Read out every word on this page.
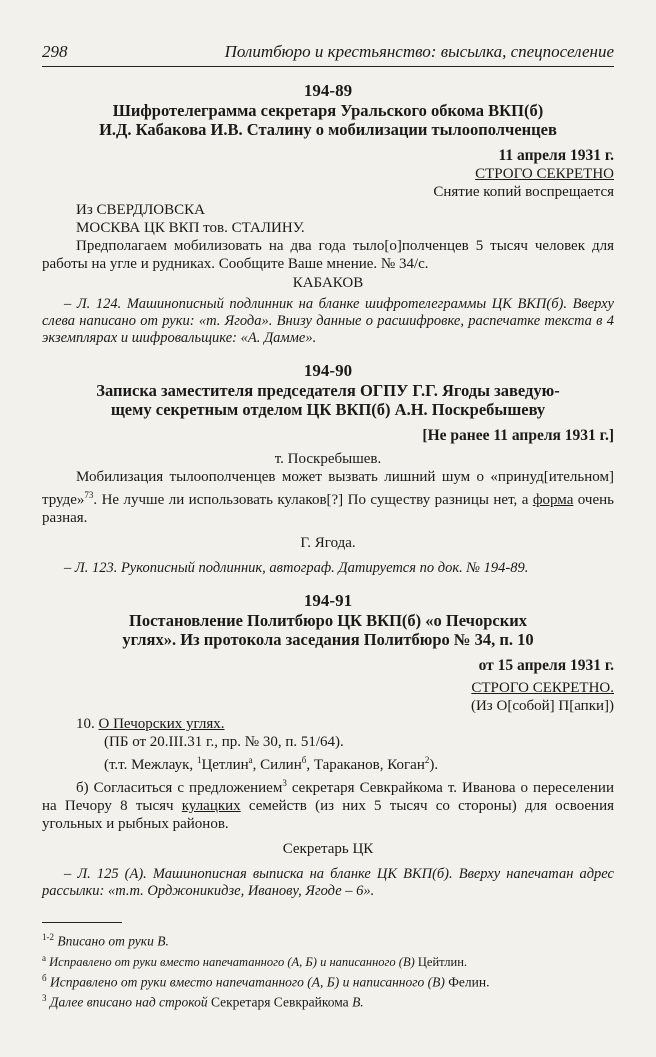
298	Политбюро и крестьянство: высылка, спецпоселение
194-89
Шифротелеграмма секретаря Уральского обкома ВКП(б)
И.Д. Кабакова И.В. Сталину о мобилизации тылоополченцев
11 апреля 1931 г.
СТРОГО СЕКРЕТНО
Снятие копий воспрещается
Из СВЕРДЛОВСКА
МОСКВА ЦК ВКП тов. СТАЛИНУ.
Предполагаем мобилизовать на два года тыло[о]полченцев 5 тысяч человек для работы на угле и рудниках. Сообщите Ваше мнение. № 34/с.
КАБАКОВ
– Л. 124. Машинописный подлинник на бланке шифротелеграммы ЦК ВКП(б). Вверху слева написано от руки: «т. Ягода». Внизу данные о расшифровке, распечатке текста в 4 экземплярах и шифровальщике: «А. Дамме».
194-90
Записка заместителя председателя ОГПУ Г.Г. Ягоды заведую-
щему секретным отделом ЦК ВКП(б) А.Н. Поскребышеву
[Не ранее 11 апреля 1931 г.]
т. Поскребышев.
Мобилизация тылоополченцев может вызвать лишний шум о «принуд[ительном] труде»$^{73}$. Не лучше ли использовать кулаков[?] По существу разницы нет, а форма очень разная.
Г. Ягода.
– Л. 123. Рукописный подлинник, автограф. Датируется по док. № 194-89.
194-91
Постановление Политбюро ЦК ВКП(б) «о Печорских
углях». Из протокола заседания Политбюро № 34, п. 10
от 15 апреля 1931 г.
СТРОГО СЕКРЕТНО.
(Из О[собой] П[апки])
10. О Печорских углях.
(ПБ от 20.III.31 г., пр. № 30, п. 51/64).
(т.т. Межлаук, $^1$Цетлин$^а$, Силин$^б$, Тараканов, Коган$^2$).
б) Согласиться с предложением$^3$ секретаря Севкрайкома т. Иванова о переселении на Печору 8 тысяч кулацких семейств (из них 5 тысяч со стороны) для освоения угольных и рыбных районов.
Секретарь ЦК
– Л. 125 (А). Машинописная выписка на бланке ЦК ВКП(б). Вверху напечатан адрес рассылки: «т.т. Орджоникидзе, Иванову, Ягоде – 6».
$^{1-2}$ Вписано от руки В.
$^а$ Исправлено от руки вместо напечатанного (А, Б) и написанного (В) Цейтлин.
$^б$ Исправлено от руки вместо напечатанного (А, Б) и написанного (В) Фелин.
$^3$ Далее вписано над строкой Секретаря Севкрайкома В.
